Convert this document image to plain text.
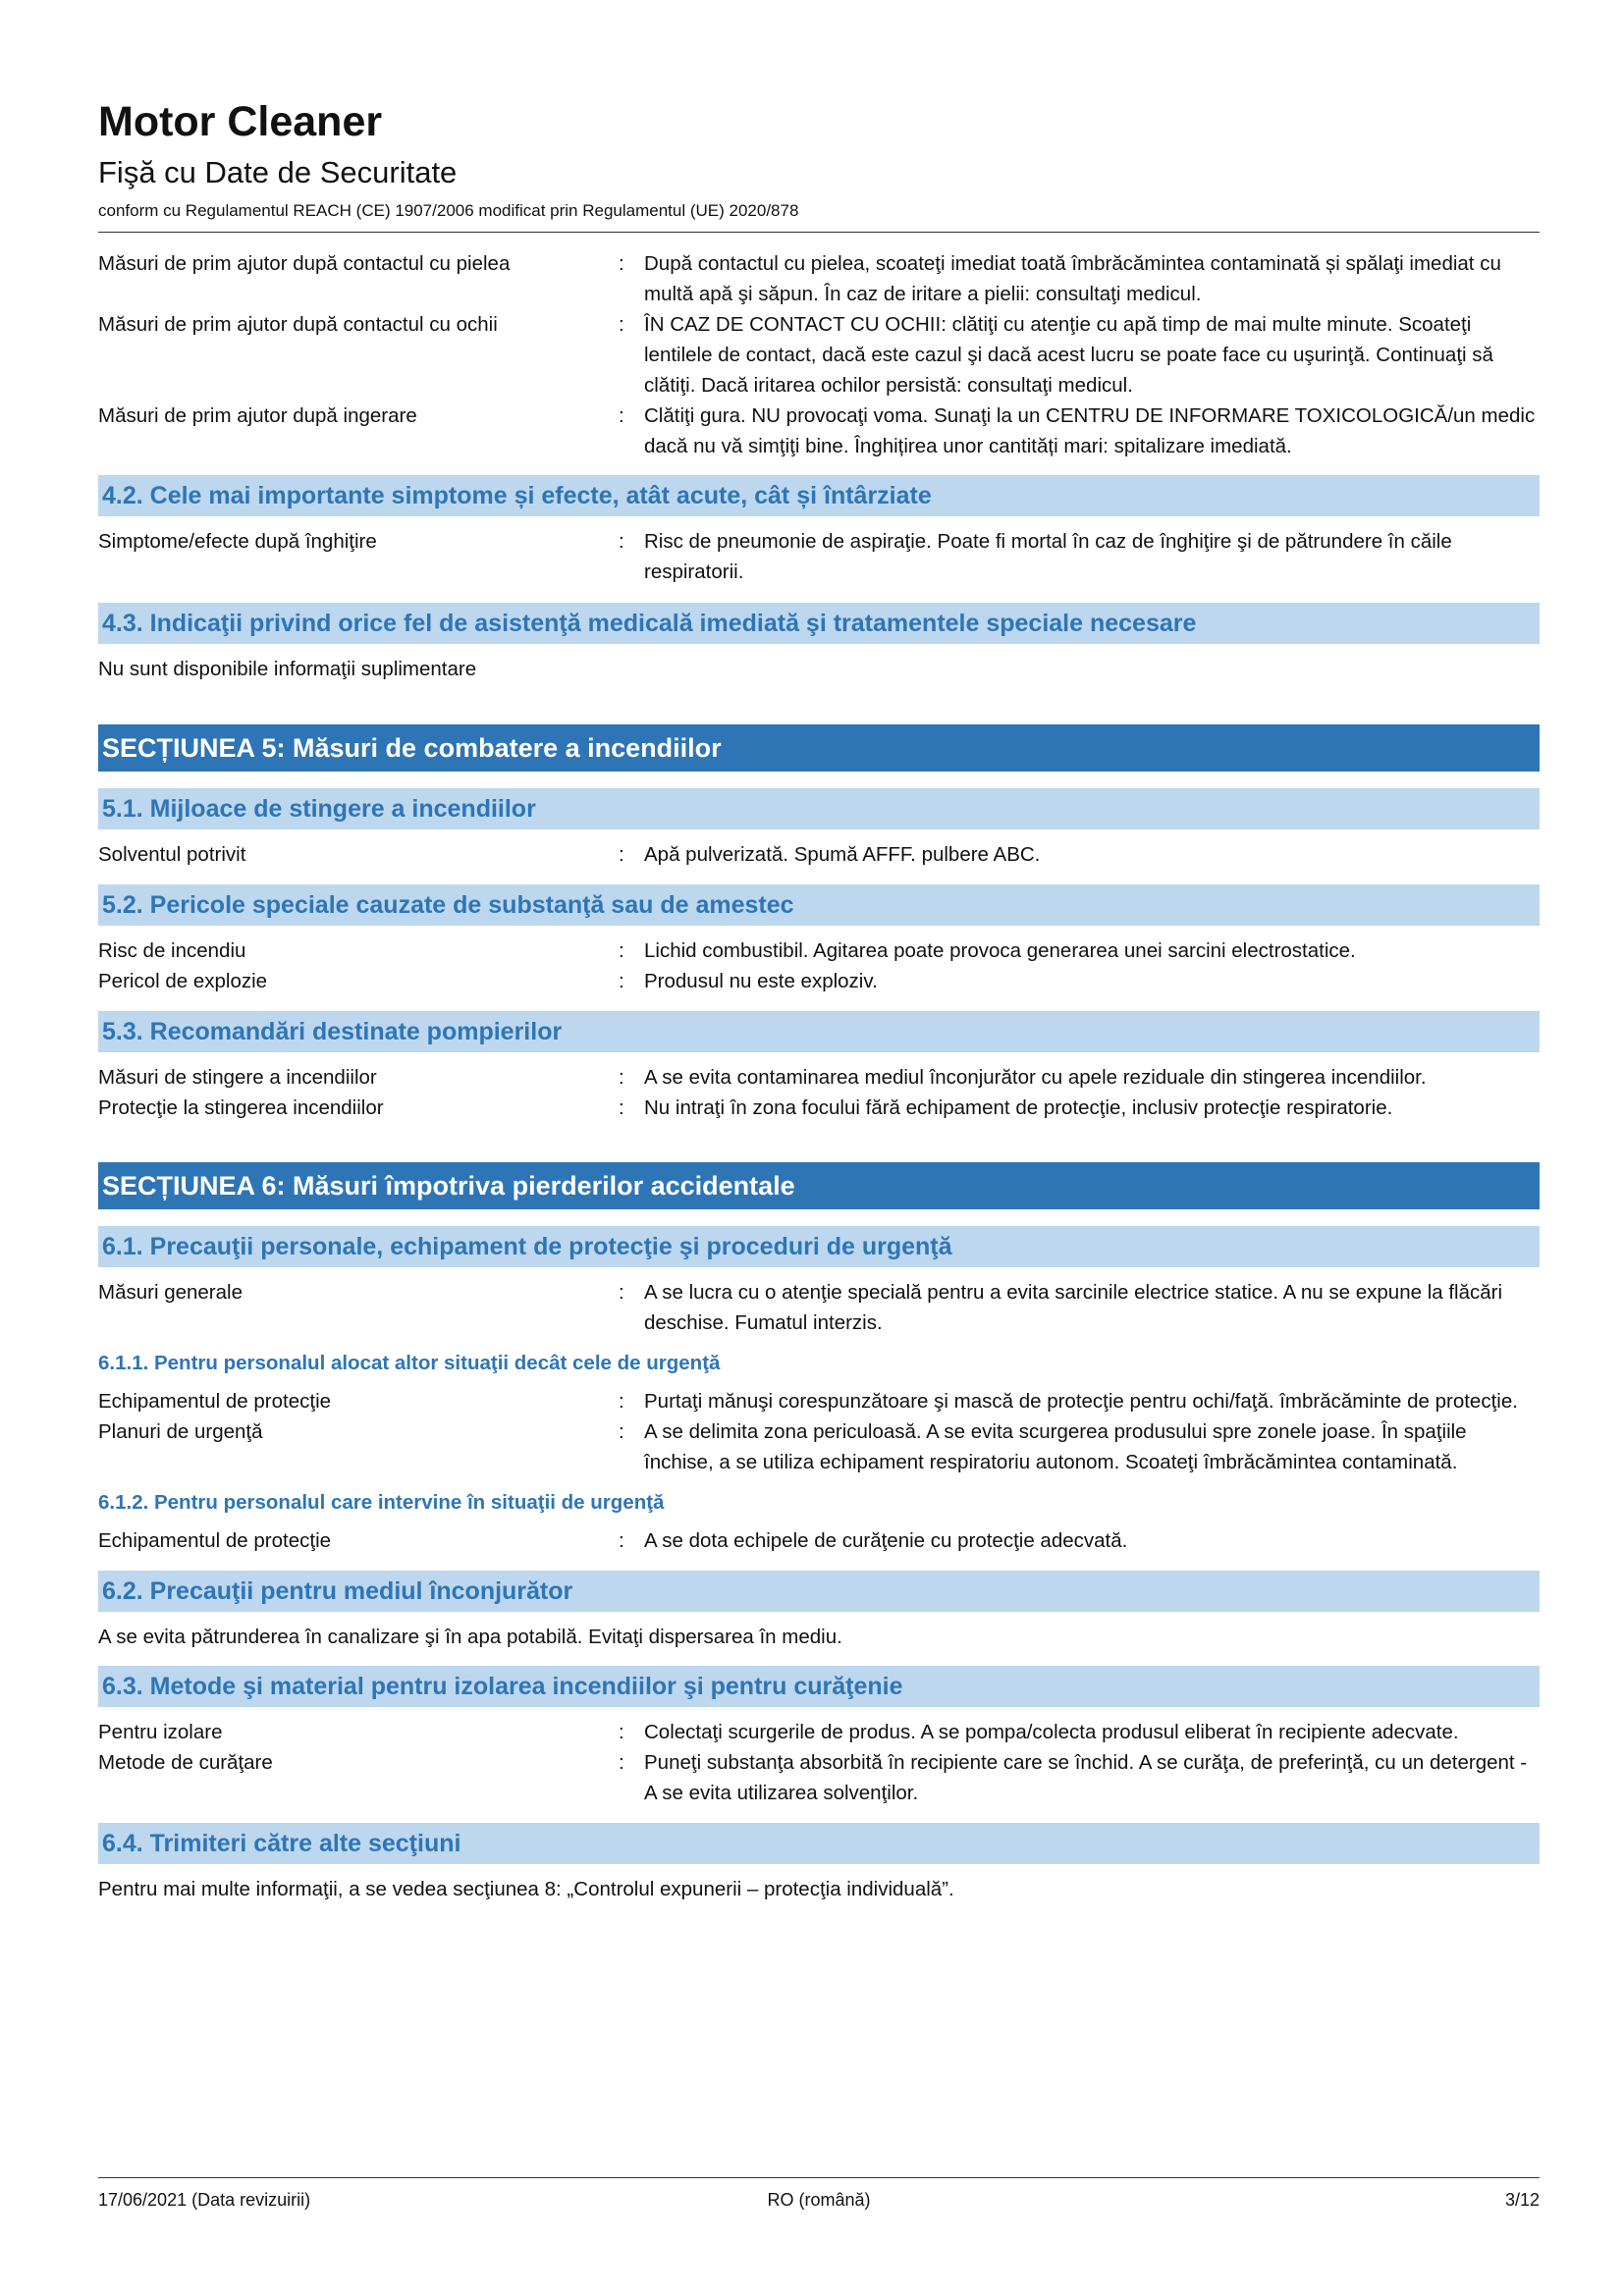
Motor Cleaner
Fişă cu Date de Securitate
conform cu Regulamentul REACH (CE) 1907/2006 modificat prin Regulamentul (UE) 2020/878
Măsuri de prim ajutor după contactul cu pielea	: După contactul cu pielea, scoateţi imediat toată îmbrăcămintea contaminată și spălaţi imediat cu multă apă şi săpun. În caz de iritare a pielii: consultaţi medicul.
Măsuri de prim ajutor după contactul cu ochii	: ÎN CAZ DE CONTACT CU OCHII: clătiţi cu atenţie cu apă timp de mai multe minute. Scoateţi lentilele de contact, dacă este cazul şi dacă acest lucru se poate face cu uşurinţă. Continuaţi să clătiţi. Dacă iritarea ochilor persistă: consultaţi medicul.
Măsuri de prim ajutor după ingerare	: Clătiţi gura. NU provocaţi voma. Sunaţi la un CENTRU DE INFORMARE TOXICOLOGICĂ/un medic dacă nu vă simţiţi bine. Înghițirea unor cantități mari: spitalizare imediată.
4.2. Cele mai importante simptome și efecte, atât acute, cât și întârziate
Simptome/efecte după înghiţire	: Risc de pneumonie de aspiraţie. Poate fi mortal în caz de înghiţire şi de pătrundere în căile respiratorii.
4.3. Indicaţii privind orice fel de asistenţă medicală imediată şi tratamentele speciale necesare
Nu sunt disponibile informaţii suplimentare
SECȚIUNEA 5: Măsuri de combatere a incendiilor
5.1. Mijloace de stingere a incendiilor
Solventul potrivit	: Apă pulverizată. Spumă AFFF. pulbere ABC.
5.2. Pericole speciale cauzate de substanţă sau de amestec
Risc de incendiu	: Lichid combustibil. Agitarea poate provoca generarea unei sarcini electrostatice.
Pericol de explozie	: Produsul nu este exploziv.
5.3. Recomandări destinate pompierilor
Măsuri de stingere a incendiilor	: A se evita contaminarea mediul înconjurător cu apele reziduale din stingerea incendiilor.
Protecţie la stingerea incendiilor	: Nu intraţi în zona focului fără echipament de protecţie, inclusiv protecţie respiratorie.
SECȚIUNEA 6: Măsuri împotriva pierderilor accidentale
6.1. Precauţii personale, echipament de protecţie şi proceduri de urgenţă
Măsuri generale	: A se lucra cu o atenţie specială pentru a evita sarcinile electrice statice. A nu se expune la flăcări deschise. Fumatul interzis.
6.1.1. Pentru personalul alocat altor situaţii decât cele de urgenţă
Echipamentul de protecţie	: Purtaţi mănuşi corespunzătoare şi mască de protecţie pentru ochi/faţă. îmbrăcăminte de protecţie.
Planuri de urgenţă	: A se delimita zona periculoasă. A se evita scurgerea produsului spre zonele joase. În spaţiile închise, a se utiliza echipament respiratoriu autonom. Scoateţi îmbrăcămintea contaminată.
6.1.2. Pentru personalul care intervine în situaţii de urgenţă
Echipamentul de protecţie	: A se dota echipele de curăţenie cu protecţie adecvată.
6.2. Precauţii pentru mediul înconjurător
A se evita pătrunderea în canalizare şi în apa potabilă. Evitaţi dispersarea în mediu.
6.3. Metode şi material pentru izolarea incendiilor şi pentru curăţenie
Pentru izolare	: Colectaţi scurgerile de produs. A se pompa/colecta produsul eliberat în recipiente adecvate.
Metode de curăţare	: Puneţi substanţa absorbită în recipiente care se închid. A se curăţa, de preferinţă, cu un detergent - A se evita utilizarea solvenţilor.
6.4. Trimiteri către alte secţiuni
Pentru mai multe informaţii, a se vedea secţiunea 8: „Controlul expunerii – protecţia individuală”.
17/06/2021 (Data revizuirii)	RO (română)	3/12
